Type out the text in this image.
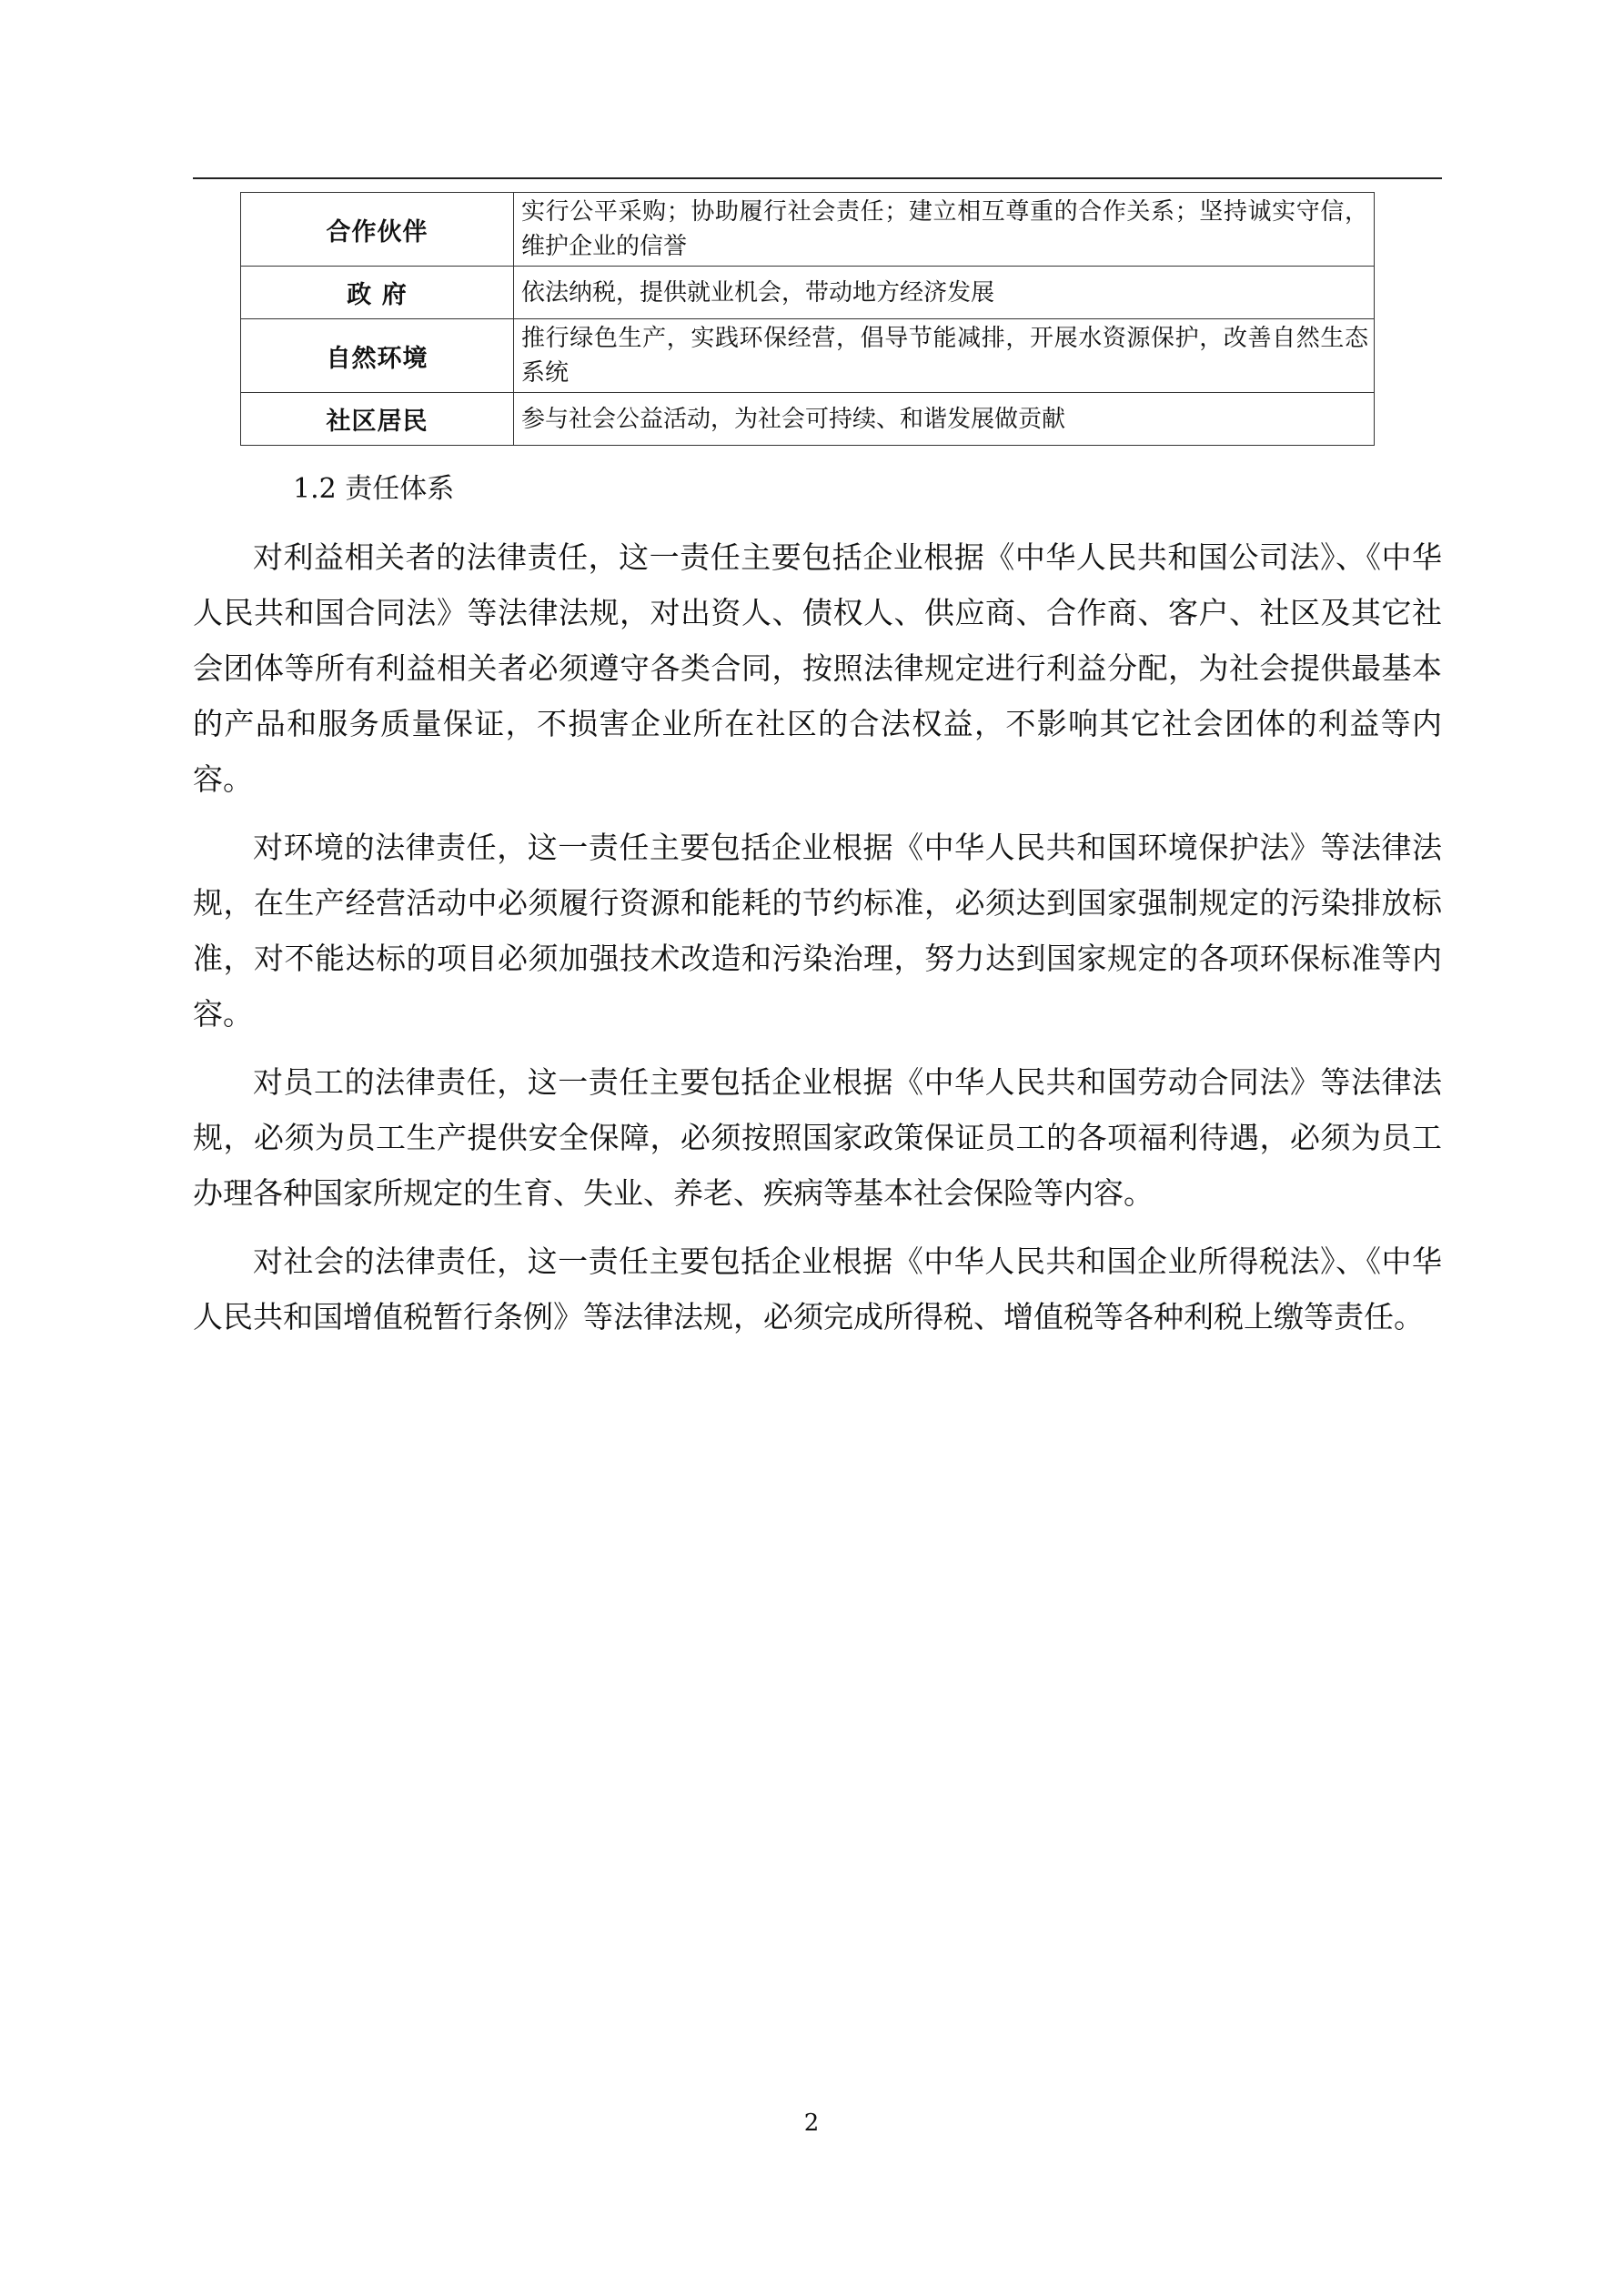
合作伙伴	实行公平采购；协助履行社会责任；建立相互尊重的合作关系；坚持诚实守信，维护企业的信誉
政 府	依法纳税，提供就业机会，带动地方经济发展
自然环境	推行绿色生产，实践环保经营，倡导节能减排，开展水资源保护，改善自然生态系统
社区居民	参与社会公益活动，为社会可持续、和谐发展做贡献
1.2 责任体系

对利益相关者的法律责任，这一责任主要包括企业根据《中华人民共和国公司法》、《中华人民共和国合同法》等法律法规，对出资人、债权人、供应商、合作商、客户、社区及其它社会团体等所有利益相关者必须遵守各类合同，按照法律规定进行利益分配，为社会提供最基本的产品和服务质量保证，不损害企业所在社区的合法权益，不影响其它社会团体的利益等内容。

对环境的法律责任，这一责任主要包括企业根据《中华人民共和国环境保护法》等法律法规，在生产经营活动中必须履行资源和能耗的节约标准，必须达到国家强制规定的污染排放标准，对不能达标的项目必须加强技术改造和污染治理，努力达到国家规定的各项环保标准等内容。

对员工的法律责任，这一责任主要包括企业根据《中华人民共和国劳动合同法》等法律法规，必须为员工生产提供安全保障，必须按照国家政策保证员工的各项福利待遇，必须为员工办理各种国家所规定的生育、失业、养老、疾病等基本社会保险等内容。

对社会的法律责任，这一责任主要包括企业根据《中华人民共和国企业所得税法》、《中华人民共和国增值税暂行条例》等法律法规，必须完成所得税、增值税等各种利税上缴等责任。

2
